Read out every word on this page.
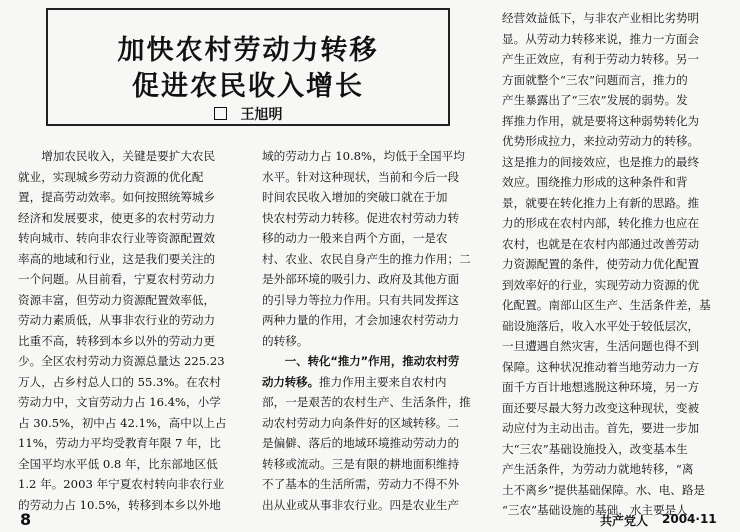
加快农村劳动力转移
促进农民收入增长
王旭明
　　增加农民收入，关键是要扩大农民
就业，实现城乡劳动力资源的优化配
置，提高劳动效率。如何按照统筹城乡
经济和发展要求，使更多的农村劳动力
转向城市、转向非农行业等资源配置效
率高的地域和行业，这是我们要关注的
一个问题。从目前看，宁夏农村劳动力
资源丰富，但劳动力资源配置效率低，
劳动力素质低，从事非农行业的劳动力
比重不高，转移到本乡以外的劳动力更
少。全区农村劳动力资源总量达 225.23
万人，占乡村总人口的 55.3%。在农村
劳动力中，文盲劳动力占 16.4%，小学
占 30.5%，初中占 42.1%，高中以上占
11%，劳动力平均受教育年限 7 年，比
全国平均水平低 0.8 年，比东部地区低
1.2 年。2003 年宁夏农村转向非农行业
的劳动力占 10.5%，转移到本乡以外地
域的劳动力占 10.8%，均低于全国平均
水平。针对这种现状，当前和今后一段
时间农民收入增加的突破口就在于加
快农村劳动力转移。促进农村劳动力转
移的动力一般来自两个方面，一是农
村、农业、农民自身产生的推力作用；二
是外部环境的吸引力、政府及其他方面
的引导力等拉力作用。只有共同发挥这
两种力量的作用，才会加速农村劳动力
的转移。
　　一、转化“推力”作用，推动农村劳
动力转移。推力作用主要来自农村内
部，一是艰苦的农村生产、生活条件，推
动农村劳动力向条件好的区域转移。二
是偏僻、落后的地域环境推动劳动力的
转移或流动。三是有限的耕地面积维持
不了基本的生活所需，劳动力不得不外
出从业或从事非农行业。四是农业生产
经营效益低下，与非农产业相比劣势明
显。从劳动力转移来说，推力一方面会
产生正效应，有利于劳动力转移。另一
方面就整个“三农”问题而言，推力的
产生暴露出了“三农”发展的弱势。发
挥推力作用，就是要将这种弱势转化为
优势形成拉力，来拉动劳动力的转移。
这是推力的间接效应，也是推力的最终
效应。围绕推力形成的这种条件和背
景，就要在转化推力上有新的思路。推
力的形成在农村内部，转化推力也应在
农村，也就是在农村内部通过改善劳动
力资源配置的条件，使劳动力优化配置
到效率好的行业，实现劳动力资源的优
化配置。南部山区生产、生活条件差，基
础设施落后，收入水平处于较低层次，
一旦遭遇自然灾害，生活问题也得不到
保障。这种状况推动着当地劳动力一方
面千方百计地想逃脱这种环境，另一方
面还要尽最大努力改变这种现状，变被
动应付为主动出击。首先，要进一步加
大“三农”基础设施投入，改变基本生
产生活条件，为劳动力就地转移，“离
土不离乡”提供基础保障。水、电、路是
“三农”基础设施的基础，水主要是人
8	共产党人 2004·11
